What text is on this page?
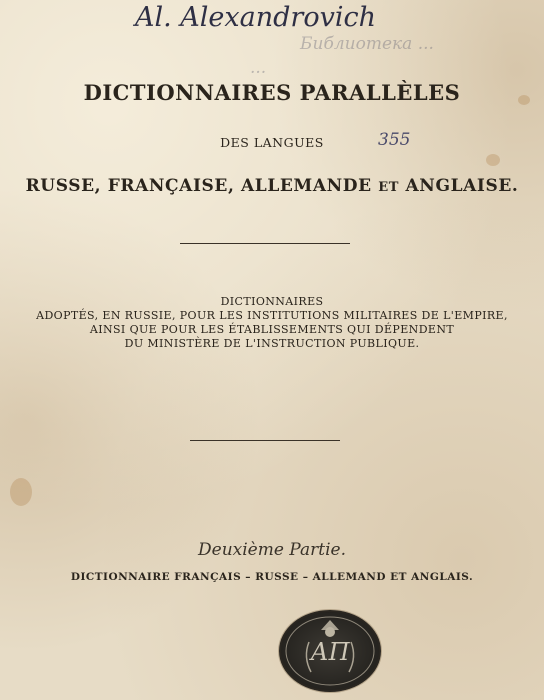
Al. Alexandrovich
Библиотека ...
...
355
DICTIONNAIRES PARALLÈLES
DES LANGUES
RUSSE, FRANÇAISE, ALLEMANDE ET ANGLAISE.
DICTIONNAIRES
ADOPTÉS, EN RUSSIE, POUR LES INSTITUTIONS MILITAIRES DE L'EMPIRE,
AINSI QUE POUR LES ÉTABLISSEMENTS QUI DÉPENDENT
DU MINISTÈRE DE L'INSTRUCTION PUBLIQUE.
Deuxième Partie.
DICTIONNAIRE FRANÇAIS – RUSSE – ALLEMAND ET ANGLAIS.
АП
